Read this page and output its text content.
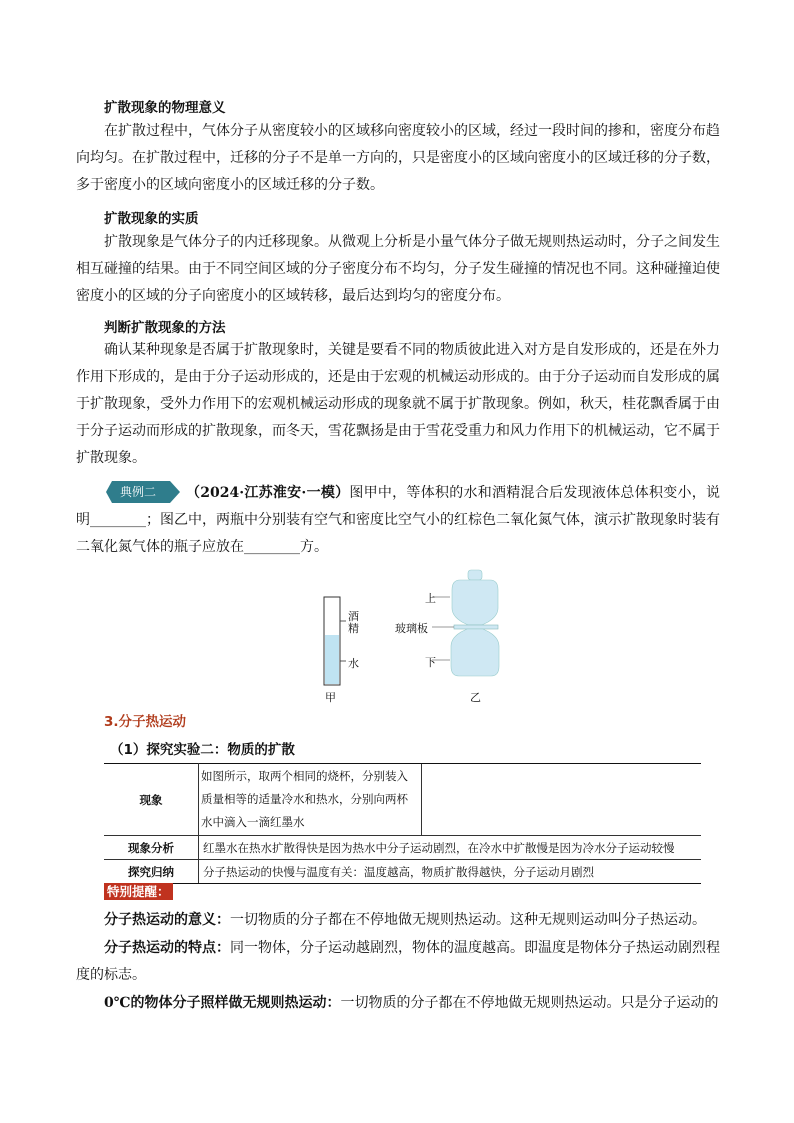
扩散现象的物理意义

在扩散过程中，气体分子从密度较小的区域移向密度较小的区域，经过一段时间的掺和，密度分布趋向均匀。在扩散过程中，迁移的分子不是单一方向的，只是密度小的区域向密度小的区域迁移的分子数，多于密度小的区域向密度小的区域迁移的分子数。

扩散现象的实质

扩散现象是气体分子的内迁移现象。从微观上分析是小量气体分子做无规则热运动时，分子之间发生相互碰撞的结果。由于不同空间区域的分子密度分布不均匀，分子发生碰撞的情况也不同。这种碰撞迫使密度小的区域的分子向密度小的区域转移，最后达到均匀的密度分布。

判断扩散现象的方法

确认某种现象是否属于扩散现象时，关键是要看不同的物质彼此进入对方是自发形成的，还是在外力作用下形成的，是由于分子运动形成的，还是由于宏观的机械运动形成的。由于分子运动而自发形成的属于扩散现象，受外力作用下的宏观机械运动形成的现象就不属于扩散现象。例如，秋天，桂花飘香属于由于分子运动而形成的扩散现象，而冬天，雪花飘扬是由于雪花受重力和风力作用下的机械运动，它不属于扩散现象。

典例二	（2024·江苏淮安·一模）图甲中，等体积的水和酒精混合后发现液体总体积变小，说明________；图乙中，两瓶中分别装有空气和密度比空气小的红棕色二氧化氮气体，演示扩散现象时装有二氧化氮气体的瓶子应放在________方。

酒
精
水
甲
上
玻璃板
下
乙
3.分子热运动
（1）探究实验二：物质的扩散
现象	如图所示，取两个相同的烧杯，分别装入质量相等的适量冷水和热水，分别向两杯水中滴入一滴红墨水

现象分析	红墨水在热水扩散得快是因为热水中分子运动剧烈，在冷水中扩散慢是因为冷水分子运动较慢
探究归纳	分子热运动的快慢与温度有关：温度越高，物质扩散得越快，分子运动月剧烈
特别提醒：

分子热运动的意义：一切物质的分子都在不停地做无规则热运动。这种无规则运动叫分子热运动。

分子热运动的特点：同一物体，分子运动越剧烈，物体的温度越高。即温度是物体分子热运动剧烈程度的标志。

0℃的物体分子照样做无规则热运动：一切物质的分子都在不停地做无规则热运动。只是分子运动的
